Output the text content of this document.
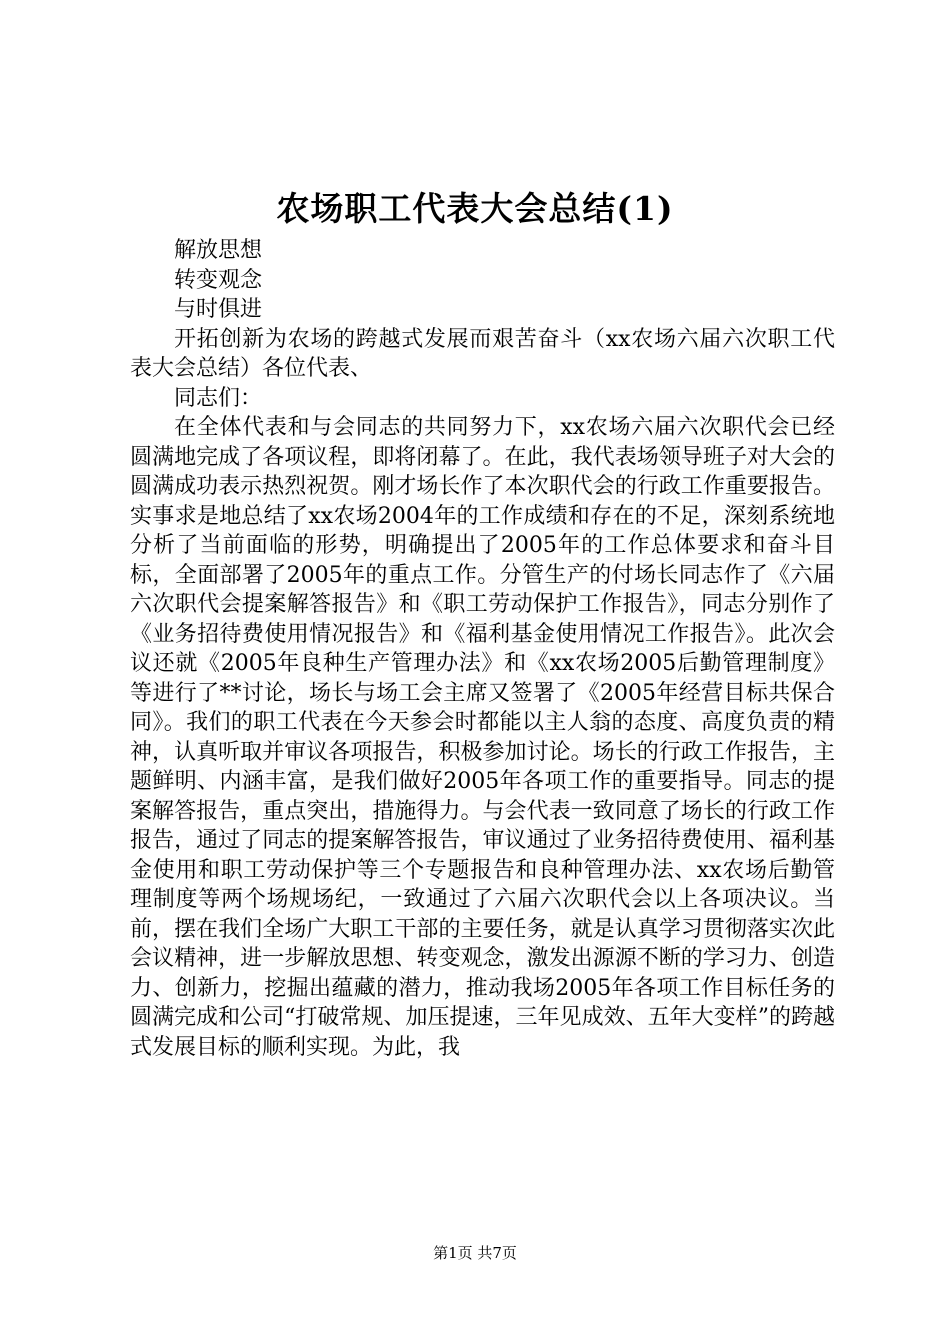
农场职工代表大会总结(1)

解放思想

转变观念

与时俱进

开拓创新为农场的跨越式发展而艰苦奋斗（xx农场六届六次职工代表大会总结）各位代表、

同志们：

在全体代表和与会同志的共同努力下，xx农场六届六次职代会已经圆满地完成了各项议程，即将闭幕了。在此，我代表场领导班子对大会的圆满成功表示热烈祝贺。刚才场长作了本次职代会的行政工作重要报告。实事求是地总结了xx农场2004年的工作成绩和存在的不足，深刻系统地分析了当前面临的形势，明确提出了2005年的工作总体要求和奋斗目标，全面部署了2005年的重点工作。分管生产的付场长同志作了《六届六次职代会提案解答报告》和《职工劳动保护工作报告》，同志分别作了《业务招待费使用情况报告》和《福利基金使用情况工作报告》。此次会议还就《2005年良种生产管理办法》和《xx农场2005后勤管理制度》等进行了**讨论，场长与场工会主席又签署了《2005年经营目标共保合同》。我们的职工代表在今天参会时都能以主人翁的态度、高度负责的精神，认真听取并审议各项报告，积极参加讨论。场长的行政工作报告，主题鲜明、内涵丰富，是我们做好2005年各项工作的重要指导。同志的提案解答报告，重点突出，措施得力。与会代表一致同意了场长的行政工作报告，通过了同志的提案解答报告，审议通过了业务招待费使用、福利基金使用和职工劳动保护等三个专题报告和良种管理办法、xx农场后勤管理制度等两个场规场纪，一致通过了六届六次职代会以上各项决议。当前，摆在我们全场广大职工干部的主要任务，就是认真学习贯彻落实次此会议精神，进一步解放思想、转变观念，激发出源源不断的学习力、创造力、创新力，挖掘出蕴藏的潜力，推动我场2005年各项工作目标任务的圆满完成和公司“打破常规、加压提速，三年见成效、五年大变样”的跨越式发展目标的顺利实现。为此，我

第1页 共7页
